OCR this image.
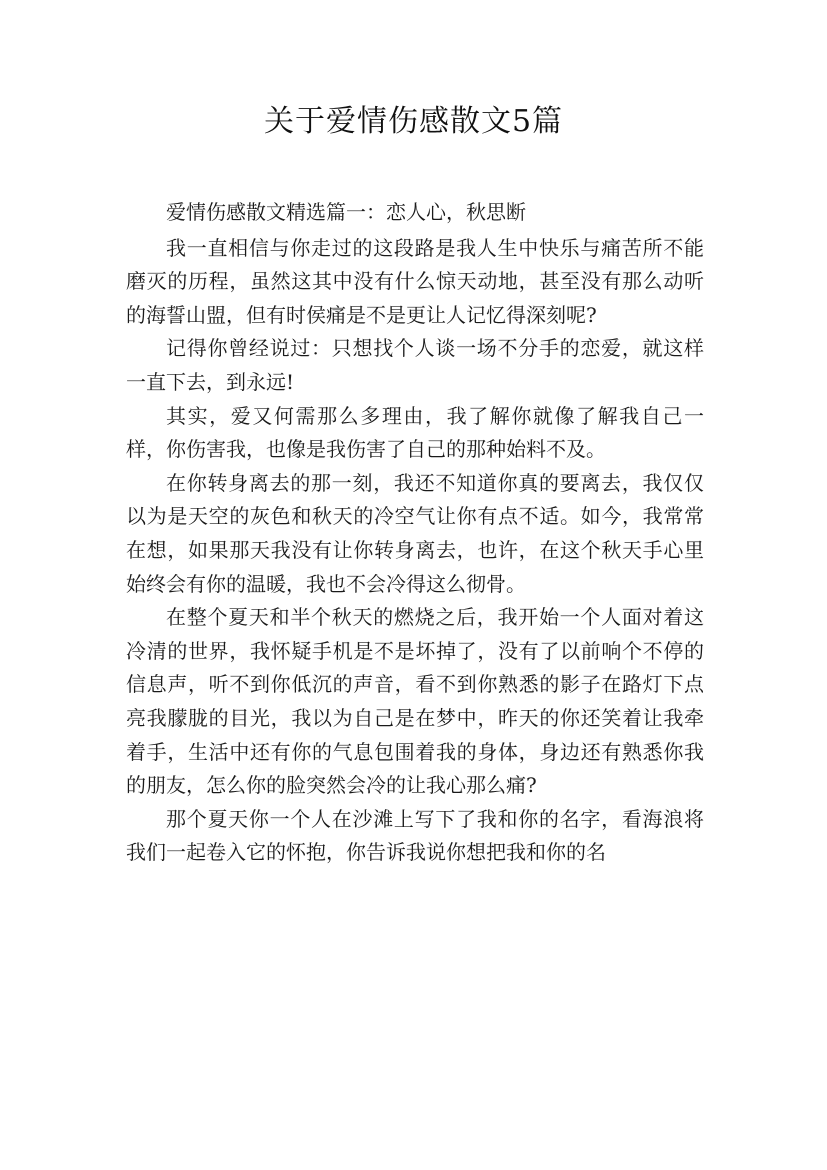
关于爱情伤感散文5篇

爱情伤感散文精选篇一：恋人心，秋思断

我一直相信与你走过的这段路是我人生中快乐与痛苦所不能磨灭的历程，虽然这其中没有什么惊天动地，甚至没有那么动听的海誓山盟，但有时侯痛是不是更让人记忆得深刻呢?

记得你曾经说过：只想找个人谈一场不分手的恋爱，就这样一直下去，到永远!

其实，爱又何需那么多理由，我了解你就像了解我自己一样，你伤害我，也像是我伤害了自己的那种始料不及。

在你转身离去的那一刻，我还不知道你真的要离去，我仅仅以为是天空的灰色和秋天的冷空气让你有点不适。如今，我常常在想，如果那天我没有让你转身离去，也许，在这个秋天手心里始终会有你的温暖，我也不会冷得这么彻骨。

在整个夏天和半个秋天的燃烧之后，我开始一个人面对着这冷清的世界，我怀疑手机是不是坏掉了，没有了以前响个不停的信息声，听不到你低沉的声音，看不到你熟悉的影子在路灯下点亮我朦胧的目光，我以为自己是在梦中，昨天的你还笑着让我牵着手，生活中还有你的气息包围着我的身体，身边还有熟悉你我的朋友，怎么你的脸突然会冷的让我心那么痛?

那个夏天你一个人在沙滩上写下了我和你的名字，看海浪将我们一起卷入它的怀抱，你告诉我说你想把我和你的名
